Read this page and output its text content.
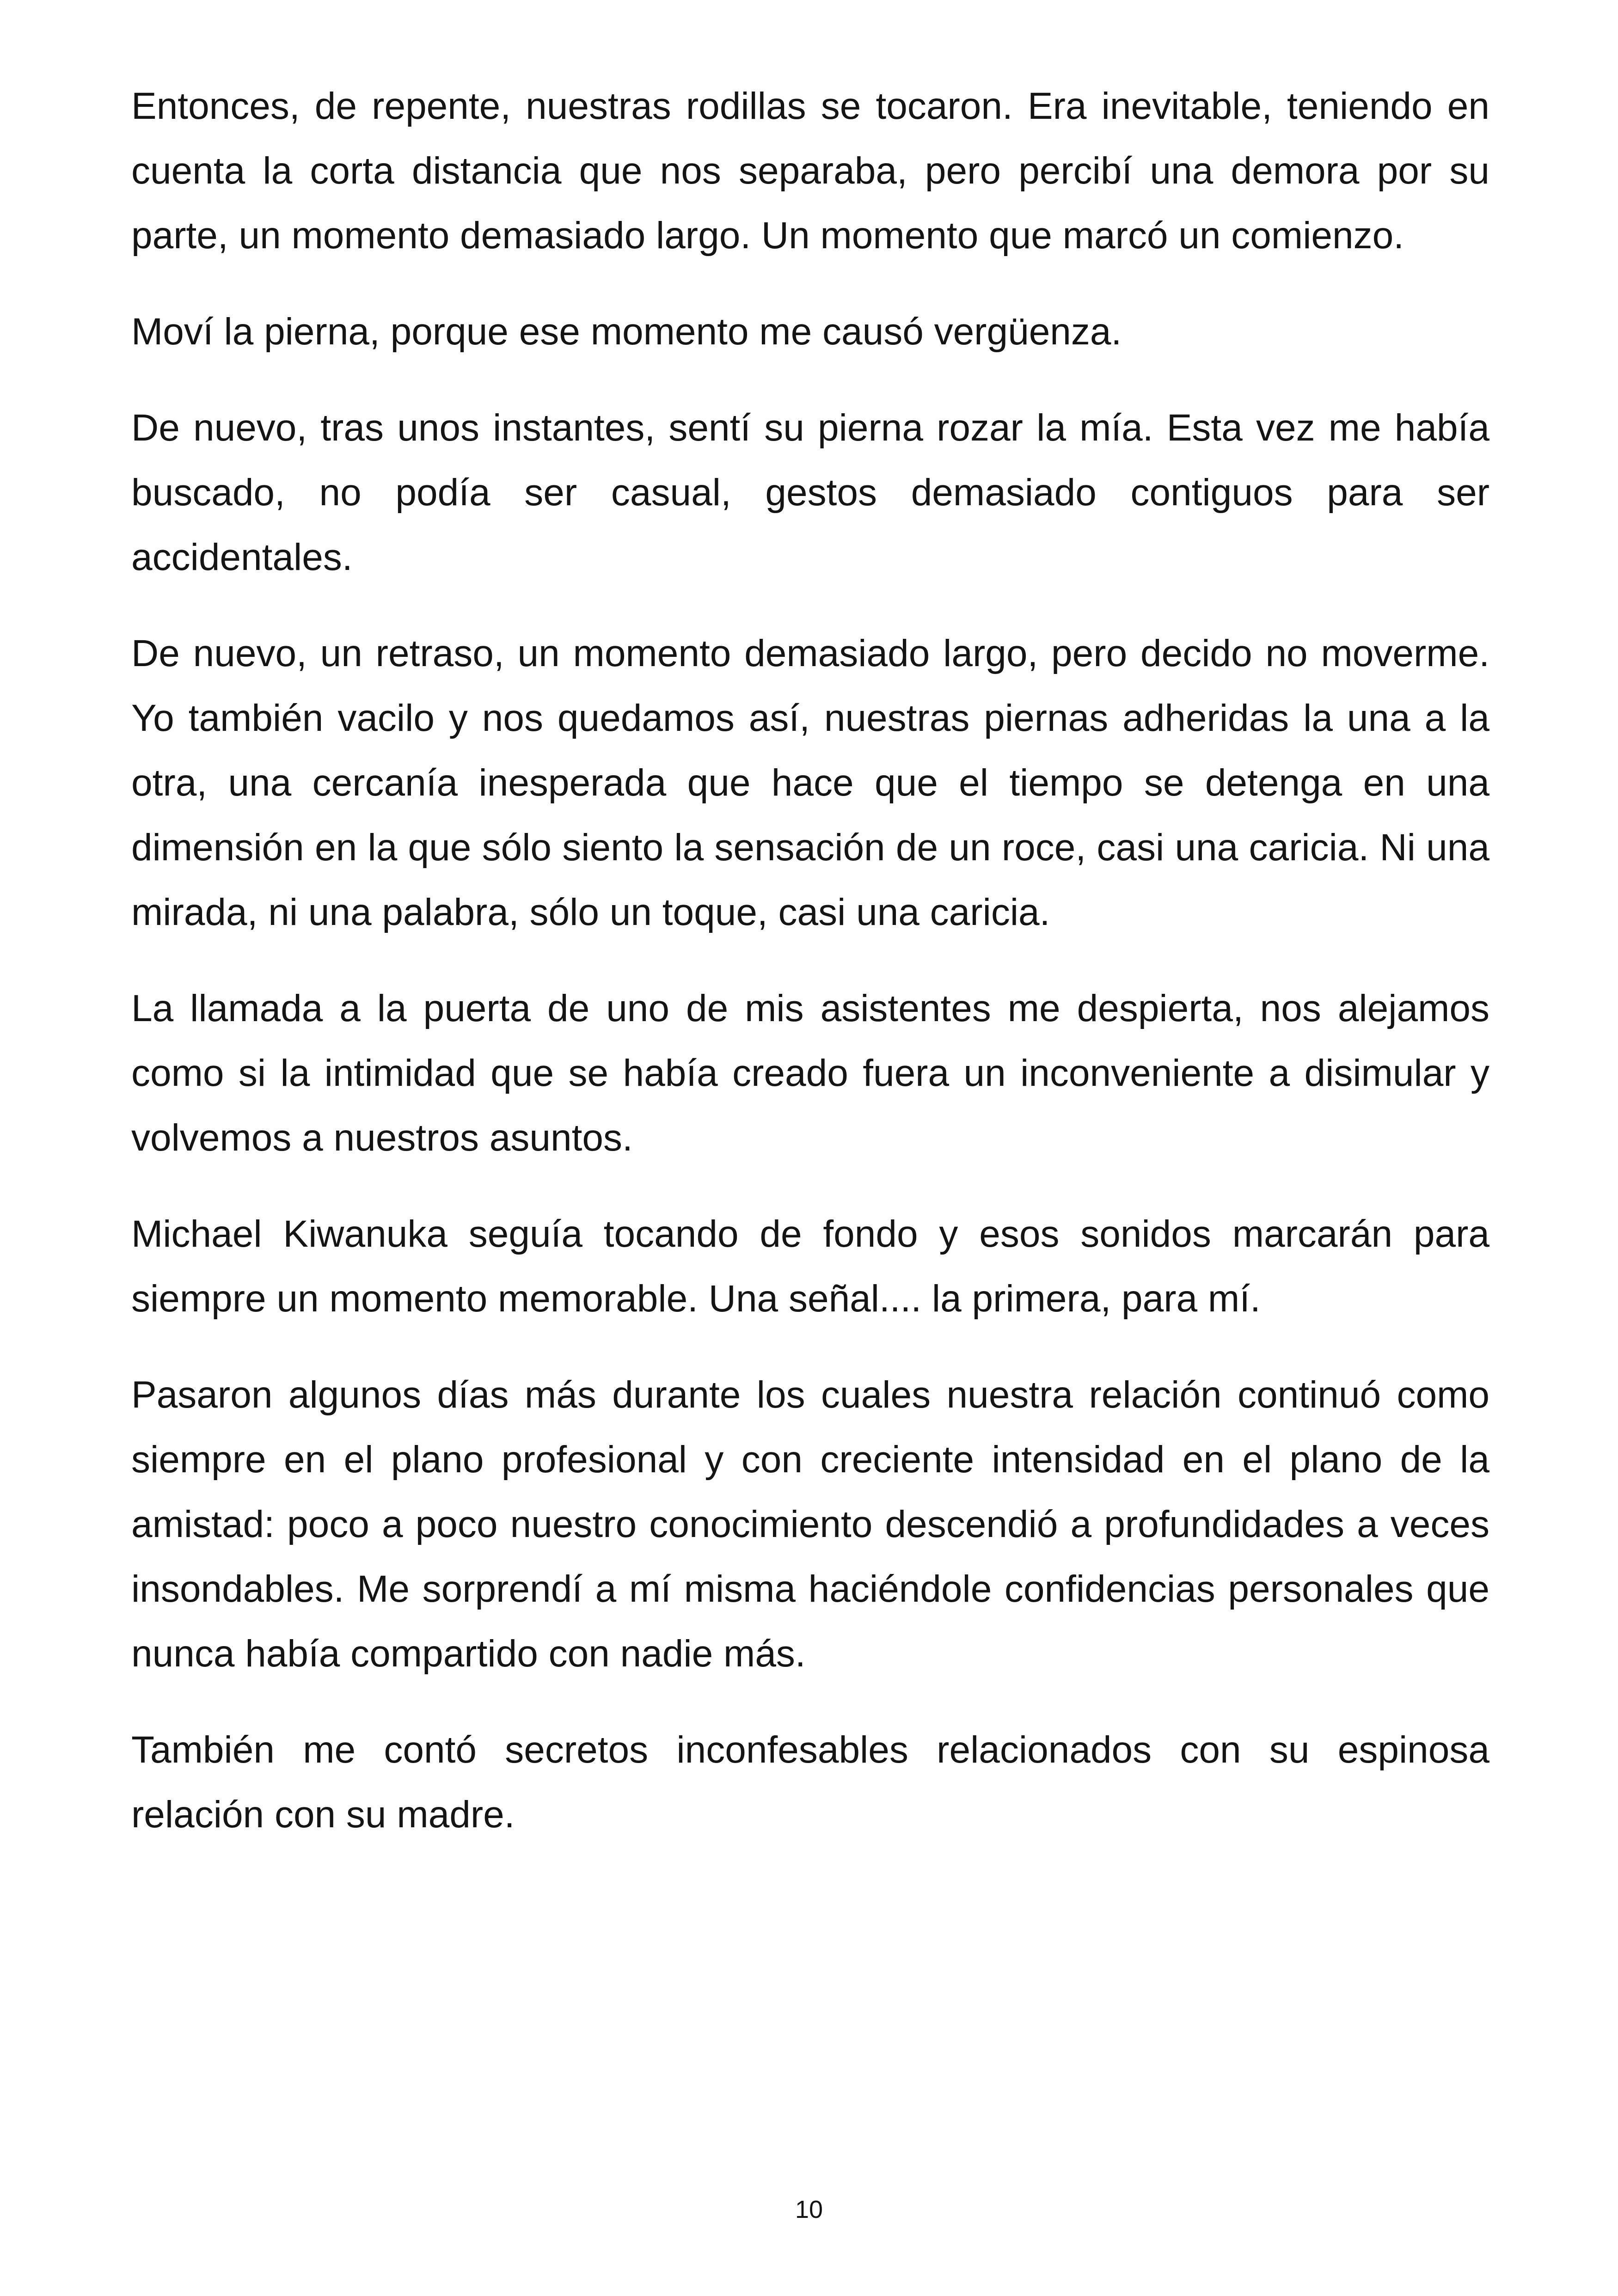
Entonces, de repente, nuestras rodillas se tocaron. Era inevitable, teniendo en cuenta la corta distancia que nos separaba, pero percibí una demora por su parte, un momento demasiado largo. Un momento que marcó un comienzo.

Moví la pierna, porque ese momento me causó vergüenza.

De nuevo, tras unos instantes, sentí su pierna rozar la mía. Esta vez me había buscado, no podía ser casual, gestos demasiado contiguos para ser accidentales.

De nuevo, un retraso, un momento demasiado largo, pero decido no moverme. Yo también vacilo y nos quedamos así, nuestras piernas adheridas la una a la otra, una cercanía inesperada que hace que el tiempo se detenga en una dimensión en la que sólo siento la sensación de un roce, casi una caricia. Ni una mirada, ni una palabra, sólo un toque, casi una caricia.

La llamada a la puerta de uno de mis asistentes me despierta, nos alejamos como si la intimidad que se había creado fuera un inconveniente a disimular y volvemos a nuestros asuntos.

Michael Kiwanuka seguía tocando de fondo y esos sonidos marcarán para siempre un momento memorable. Una señal.... la primera, para mí.

Pasaron algunos días más durante los cuales nuestra relación continuó como siempre en el plano profesional y con creciente intensidad en el plano de la amistad: poco a poco nuestro conocimiento descendió a profundidades a veces insondables. Me sorprendí a mí misma haciéndole confidencias personales que nunca había compartido con nadie más.

También me contó secretos inconfesables relacionados con su espinosa relación con su madre.

10
